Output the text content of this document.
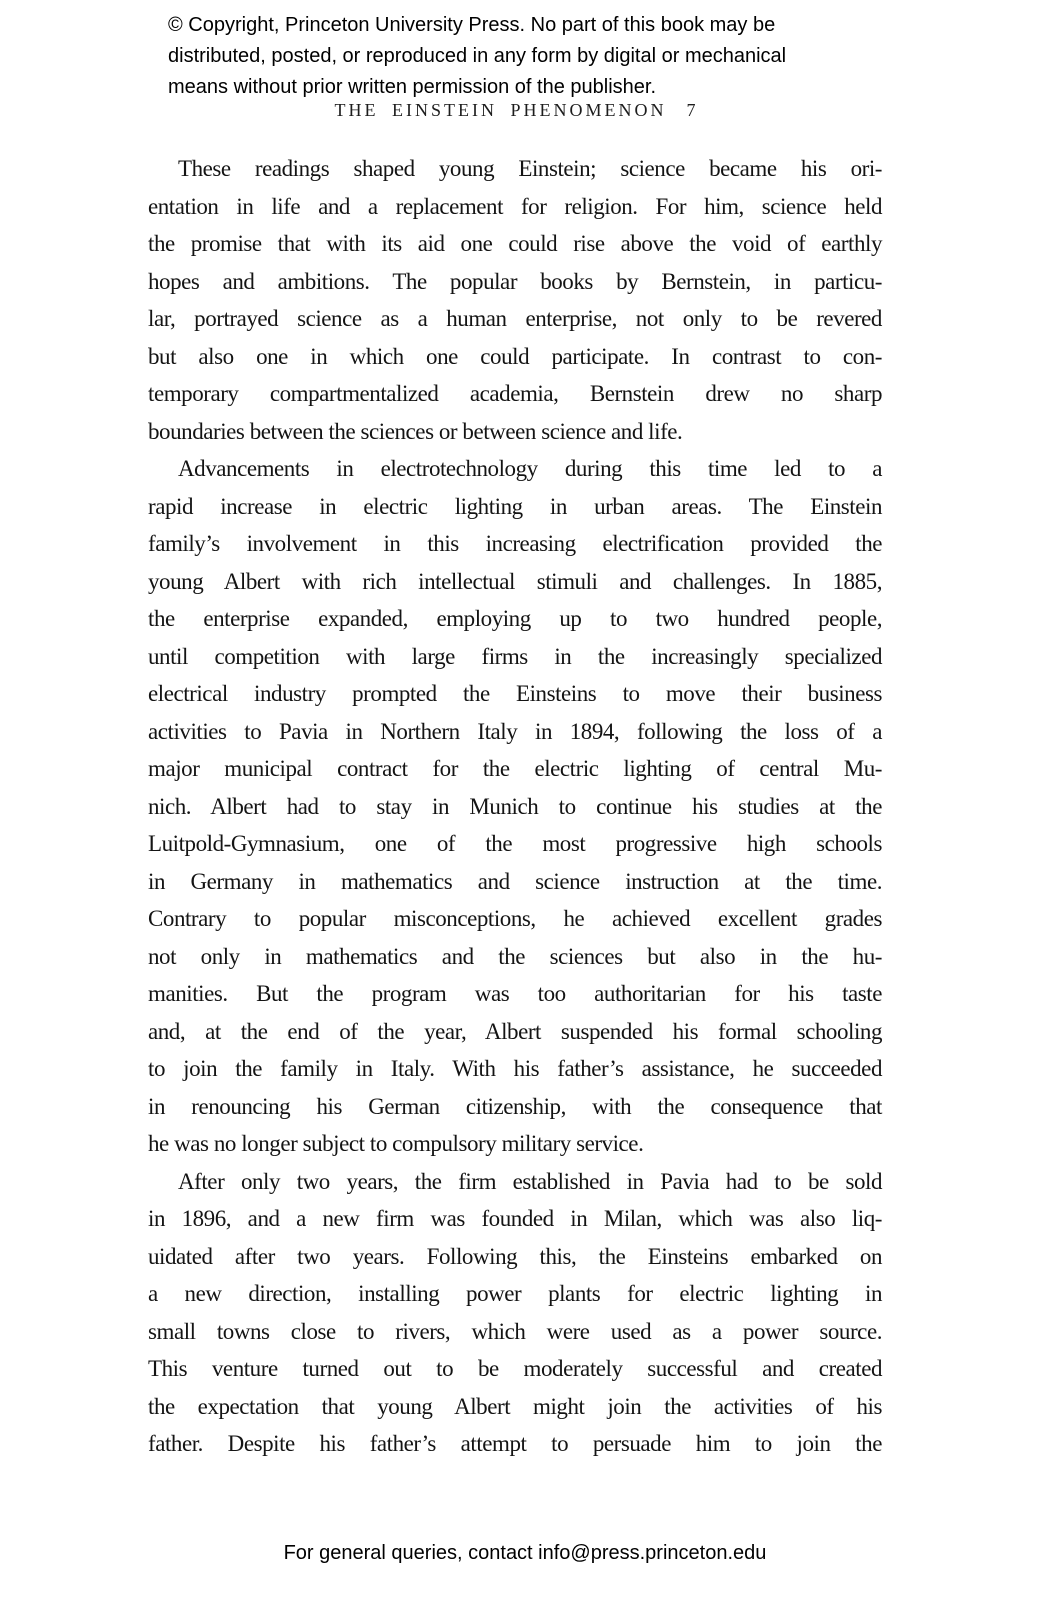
© Copyright, Princeton University Press. No part of this book may be
distributed, posted, or reproduced in any form by digital or mechanical
means without prior written permission of the publisher.
THE EINSTEIN PHENOMENON 7
These readings shaped young Einstein; science became his ori-
entation in life and a replacement for religion. For him, science held
the promise that with its aid one could rise above the void of earthly
hopes and ambitions. The popular books by Bernstein, in particu-
lar, portrayed science as a human enterprise, not only to be revered
but also one in which one could participate. In contrast to con-
temporary compartmentalized academia, Bernstein drew no sharp
boundaries between the sciences or between science and life.
Advancements in electrotechnology during this time led to a
rapid increase in electric lighting in urban areas. The Einstein
family’s involvement in this increasing electrification provided the
young Albert with rich intellectual stimuli and challenges. In 1885,
the enterprise expanded, employing up to two hundred people,
until competition with large firms in the increasingly specialized
electrical industry prompted the Einsteins to move their business
activities to Pavia in Northern Italy in 1894, following the loss of a
major municipal contract for the electric lighting of central Mu-
nich. Albert had to stay in Munich to continue his studies at the
Luitpold-Gymnasium, one of the most progressive high schools
in Germany in mathematics and science instruction at the time.
Contrary to popular misconceptions, he achieved excellent grades
not only in mathematics and the sciences but also in the hu-
manities. But the program was too authoritarian for his taste
and, at the end of the year, Albert suspended his formal schooling
to join the family in Italy. With his father’s assistance, he succeeded
in renouncing his German citizenship, with the consequence that
he was no longer subject to compulsory military service.
After only two years, the firm established in Pavia had to be sold
in 1896, and a new firm was founded in Milan, which was also liq-
uidated after two years. Following this, the Einsteins embarked on
a new direction, installing power plants for electric lighting in
small towns close to rivers, which were used as a power source.
This venture turned out to be moderately successful and created
the expectation that young Albert might join the activities of his
father. Despite his father’s attempt to persuade him to join the
For general queries, contact info@press.princeton.edu
